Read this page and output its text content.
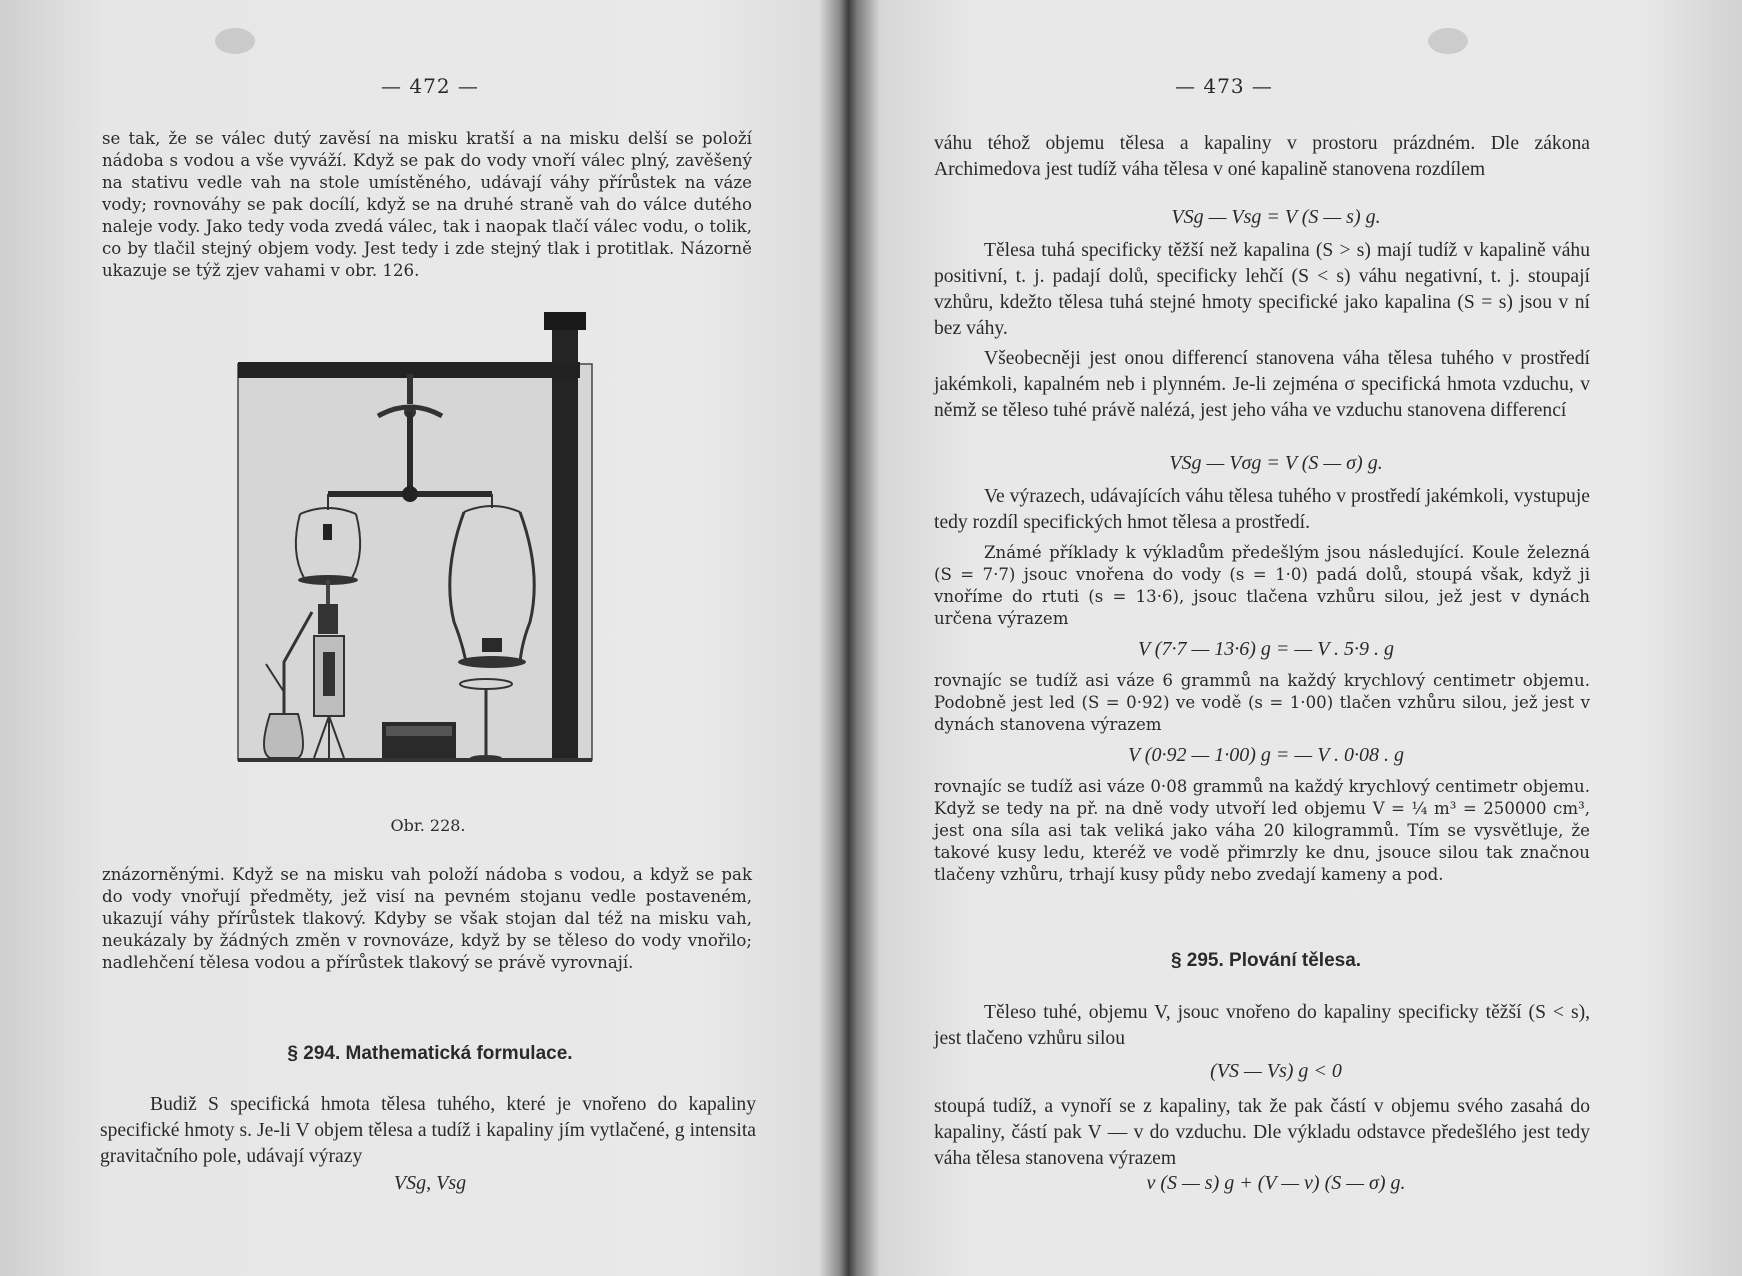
— 472 —

se tak, že se válec dutý zavěsí na misku kratší a na misku delší se položí nádoba s vodou a vše vyváží. Když se pak do vody vnoří válec plný, zavěšený na stativu vedle vah na stole umístěného, udávají váhy přírůstek na váze vody; rovnováhy se pak docílí, když se na druhé straně vah do válce dutého naleje vody. Jako tedy voda zvedá válec, tak i naopak tlačí válec vodu, o tolik, co by tlačil stejný objem vody. Jest tedy i zde stejný tlak i protitlak. Názorně ukazuje se týž zjev vahami v obr. 126.

Obr. 228.

znázorněnými. Když se na misku vah položí nádoba s vodou, a když se pak do vody vnořují předměty, jež visí na pevném stojanu vedle postaveném, ukazují váhy přírůstek tlakový. Kdyby se však stojan dal též na misku vah, neukázaly by žádných změn v rovnováze, když by se těleso do vody vnořilo; nadlehčení tělesa vodou a přírůstek tlakový se právě vyrovnají.

§ 294. Mathematická formulace.

Budiž S specifická hmota tělesa tuhého, které je vnořeno do kapaliny specifické hmoty s. Je-li V objem tělesa a tudíž i kapaliny jím vytlačené, g intensita gravitačního pole, udávají výrazy

VSg, Vsg
— 473 —

váhu téhož objemu tělesa a kapaliny v prostoru prázdném. Dle zákona Archimedova jest tudíž váha tělesa v oné kapalině stanovena rozdílem

VSg — Vsg = V (S — s) g.

Tělesa tuhá specificky těžší než kapalina (S > s) mají tudíž v kapalině váhu positivní, t. j. padají dolů, specificky lehčí (S < s) váhu negativní, t. j. stoupají vzhůru, kdežto tělesa tuhá stejné hmoty specifické jako kapalina (S = s) jsou v ní bez váhy.

Všeobecněji jest onou differencí stanovena váha tělesa tuhého v prostředí jakémkoli, kapalném neb i plynném. Je-li zejména σ specifická hmota vzduchu, v němž se těleso tuhé právě nalézá, jest jeho váha ve vzduchu stanovena differencí

VSg — Vσg = V (S — σ) g.

Ve výrazech, udávajících váhu tělesa tuhého v prostředí jakémkoli, vystupuje tedy rozdíl specifických hmot tělesa a prostředí.

Známé příklady k výkladům předešlým jsou následující. Koule železná (S = 7·7) jsouc vnořena do vody (s = 1·0) padá dolů, stoupá však, když ji vnoříme do rtuti (s = 13·6), jsouc tlačena vzhůru silou, jež jest v dynách určena výrazem

V (7·7 — 13·6) g = — V . 5·9 . g

rovnajíc se tudíž asi váze 6 grammů na každý krychlový centimetr objemu. Podobně jest led (S = 0·92) ve vodě (s = 1·00) tlačen vzhůru silou, jež jest v dynách stanovena výrazem

V (0·92 — 1·00) g = — V . 0·08 . g

rovnajíc se tudíž asi váze 0·08 grammů na každý krychlový centimetr objemu. Když se tedy na př. na dně vody utvoří led objemu V = ¼ m³ = 250000 cm³, jest ona síla asi tak veliká jako váha 20 kilogrammů. Tím se vysvětluje, že takové kusy ledu, kteréž ve vodě přimrzly ke dnu, jsouce silou tak značnou tlačeny vzhůru, trhají kusy půdy nebo zvedají kameny a pod.

§ 295. Plování tělesa.

Těleso tuhé, objemu V, jsouc vnořeno do kapaliny specificky těžší (S < s), jest tlačeno vzhůru silou

(VS — Vs) g < 0

stoupá tudíž, a vynoří se z kapaliny, tak že pak částí v objemu svého zasahá do kapaliny, částí pak V — v do vzduchu. Dle výkladu odstavce předešlého jest tedy váha tělesa stanovena výrazem

v (S — s) g + (V — v) (S — σ) g.
